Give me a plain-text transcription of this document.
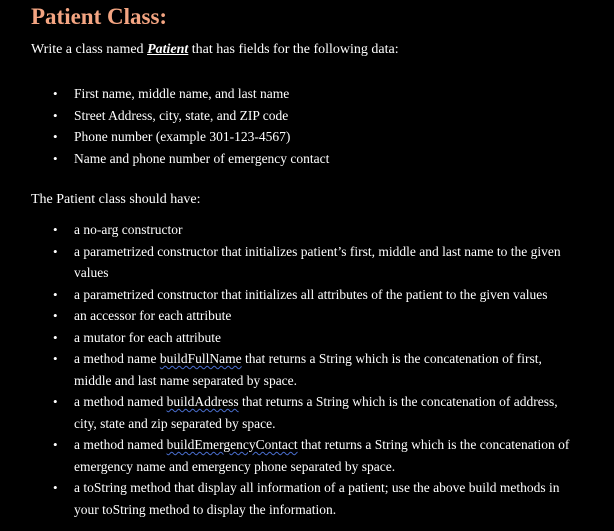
Patient Class:

Write a class named Patient that has fields for the following data:

• First name, middle name, and last name
• Street Address, city, state, and ZIP code
• Phone number (example 301-123-4567)
• Name and phone number of emergency contact

The Patient class should have:

• a no-arg constructor
• a parametrized constructor that initializes patient’s first, middle and last name to the given
values
• a parametrized constructor that initializes all attributes of the patient to the given values
• an accessor for each attribute
• a mutator for each attribute
• a method name buildFullName that returns a String which is the concatenation of first,
middle and last name separated by space.
• a method named buildAddress that returns a String which is the concatenation of address,
city, state and zip separated by space.
• a method named buildEmergencyContact that returns a String which is the concatenation of
emergency name and emergency phone separated by space.
• a toString method that display all information of a patient; use the above build methods in
your toString method to display the information.
